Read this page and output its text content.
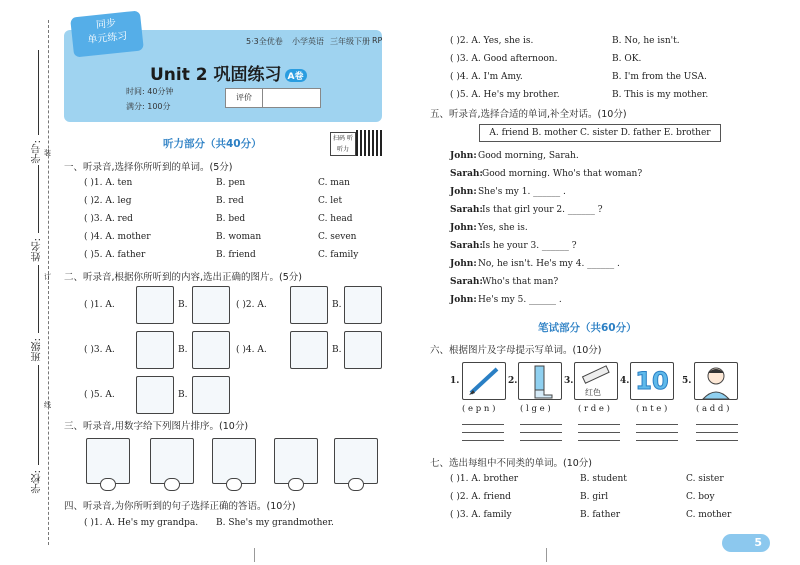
学号:
姓名:
班级:
学校:
装
订
线
同步
单元练习	5·3全优卷 小学英语 三年级下册 RP
Unit 2 巩固练习 A卷
时间: 40分钟
满分: 100分
评价
听力部分（共40分）	扫码 听听力
一、听录音,选择你所听到的单词。(5分)
( )1. A. ten	B. pen	C. man
( )2. A. leg	B. red	C. let
( )3. A. red	B. bed	C. head
( )4. A. mother	B. woman	C. seven
( )5. A. father	B. friend	C. family
二、听录音,根据你所听到的内容,选出正确的图片。(5分)
( )1. A.	B.	( )2. A.	B.
( )3. A.	B.	( )4. A.	B.
( )5. A.	B.
三、听录音,用数字给下列图片排序。(10分)
四、听录音,为你所听到的句子选择正确的答语。(10分)
( )1. A. He's my grandpa. B. She's my grandmother.
( )2. A. Yes, she is.	B. No, he isn't.
( )3. A. Good afternoon.	B. OK.
( )4. A. I'm Amy.	B. I'm from the USA.
( )5. A. He's my brother.	B. This is my mother.
五、听录音,选择合适的单词,补全对话。(10分)
A. friend B. mother C. sister D. father E. brother
John: Good morning, Sarah.
Sarah: Good morning. Who's that woman?
John: She's my 1. ______ .
Sarah: Is that girl your 2. ______ ?
John: Yes, she is.
Sarah: Is he your 3. ______ ?
John: No, he isn't. He's my 4. ______ .
Sarah: Who's that man?
John: He's my 5. ______ .
笔试部分（共60分）
六、根据图片及字母提示写单词。(10分)
1.	2.	3.
红色
4. 10 5.
( e p n )	( l g e )	( r d e )	( n t e )	( a d d )
七、选出每组中不同类的单词。(10分)
( )1. A. brother	B. student	C. sister
( )2. A. friend	B. girl	C. boy
( )3. A. family	B. father	C. mother
5
